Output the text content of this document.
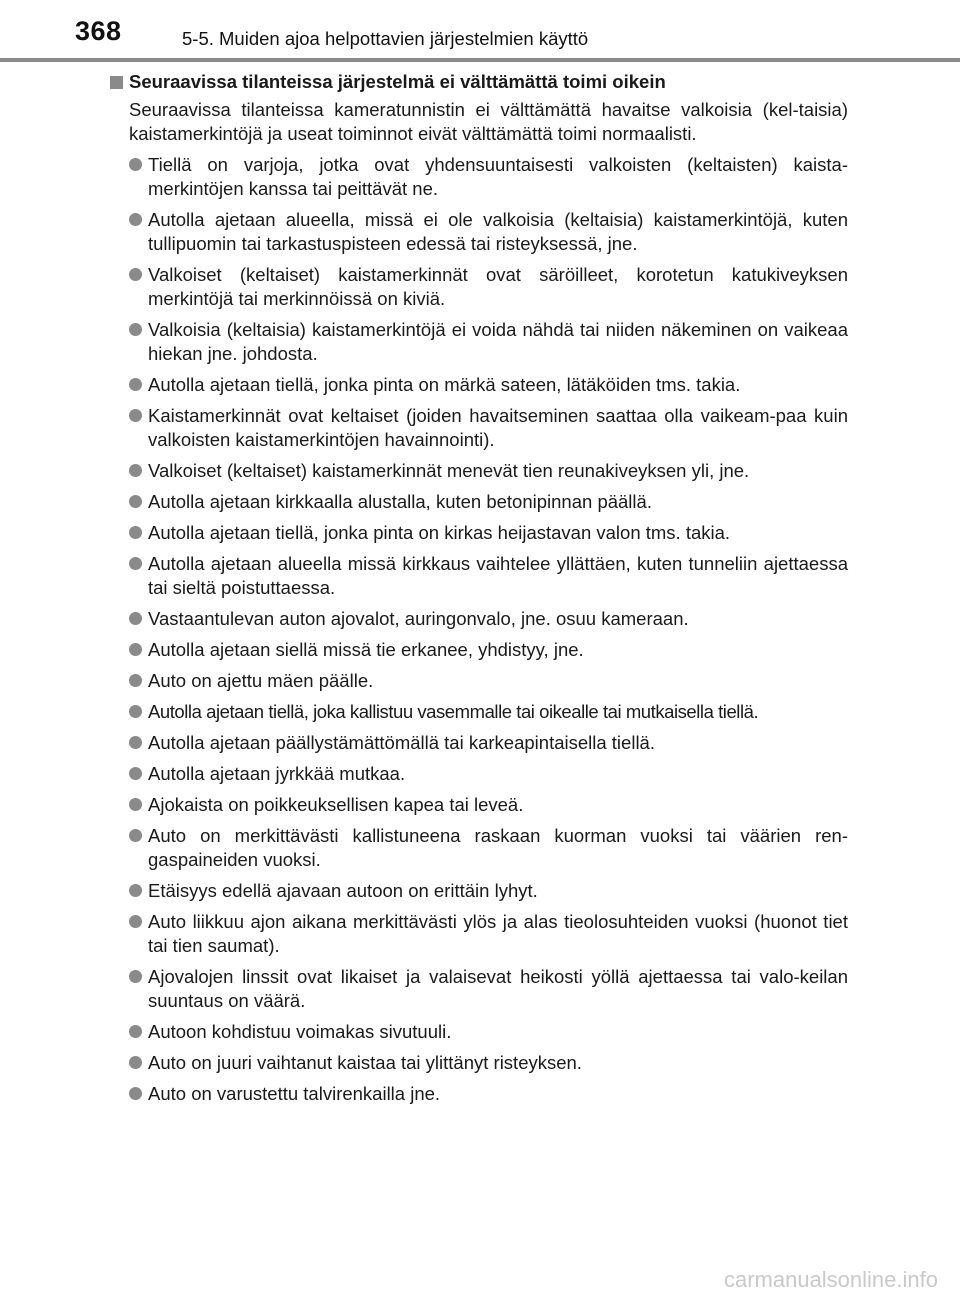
368	5-5. Muiden ajoa helpottavien järjestelmien käyttö
Seuraavissa tilanteissa järjestelmä ei välttämättä toimi oikein
Seuraavissa tilanteissa kameratunnistin ei välttämättä havaitse valkoisia (kel-taisia) kaistamerkintöjä ja useat toiminnot eivät välttämättä toimi normaalisti.
Tiellä on varjoja, jotka ovat yhdensuuntaisesti valkoisten (keltaisten) kaista-merkintöjen kanssa tai peittävät ne.
Autolla ajetaan alueella, missä ei ole valkoisia (keltaisia) kaistamerkintöjä, kuten tullipuomin tai tarkastuspisteen edessä tai risteyksessä, jne.
Valkoiset (keltaiset) kaistamerkinnät ovat säröilleet, korotetun katukiveyksen merkintöjä tai merkinnöissä on kiviä.
Valkoisia (keltaisia) kaistamerkintöjä ei voida nähdä tai niiden näkeminen on vaikeaa hiekan jne. johdosta.
Autolla ajetaan tiellä, jonka pinta on märkä sateen, lätäköiden tms. takia.
Kaistamerkinnät ovat keltaiset (joiden havaitseminen saattaa olla vaikeam-paa kuin valkoisten kaistamerkintöjen havainnointi).
Valkoiset (keltaiset) kaistamerkinnät menevät tien reunakiveyksen yli, jne.
Autolla ajetaan kirkkaalla alustalla, kuten betonipinnan päällä.
Autolla ajetaan tiellä, jonka pinta on kirkas heijastavan valon tms. takia.
Autolla ajetaan alueella missä kirkkaus vaihtelee yllättäen, kuten tunneliin ajettaessa tai sieltä poistuttaessa.
Vastaantulevan auton ajovalot, auringonvalo, jne. osuu kameraan.
Autolla ajetaan siellä missä tie erkanee, yhdistyy, jne.
Auto on ajettu mäen päälle.
Autolla ajetaan tiellä, joka kallistuu vasemmalle tai oikealle tai mutkaisella tiellä.
Autolla ajetaan päällystämättömällä tai karkeapintaisella tiellä.
Autolla ajetaan jyrkkää mutkaa.
Ajokaista on poikkeuksellisen kapea tai leveä.
Auto on merkittävästi kallistuneena raskaan kuorman vuoksi tai väärien ren-gaspaineiden vuoksi.
Etäisyys edellä ajavaan autoon on erittäin lyhyt.
Auto liikkuu ajon aikana merkittävästi ylös ja alas tieolosuhteiden vuoksi (huonot tiet tai tien saumat).
Ajovalojen linssit ovat likaiset ja valaisevat heikosti yöllä ajettaessa tai valo-keilan suuntaus on väärä.
Autoon kohdistuu voimakas sivutuuli.
Auto on juuri vaihtanut kaistaa tai ylittänyt risteyksen.
Auto on varustettu talvirenkailla jne.
carmanualsonline.info
